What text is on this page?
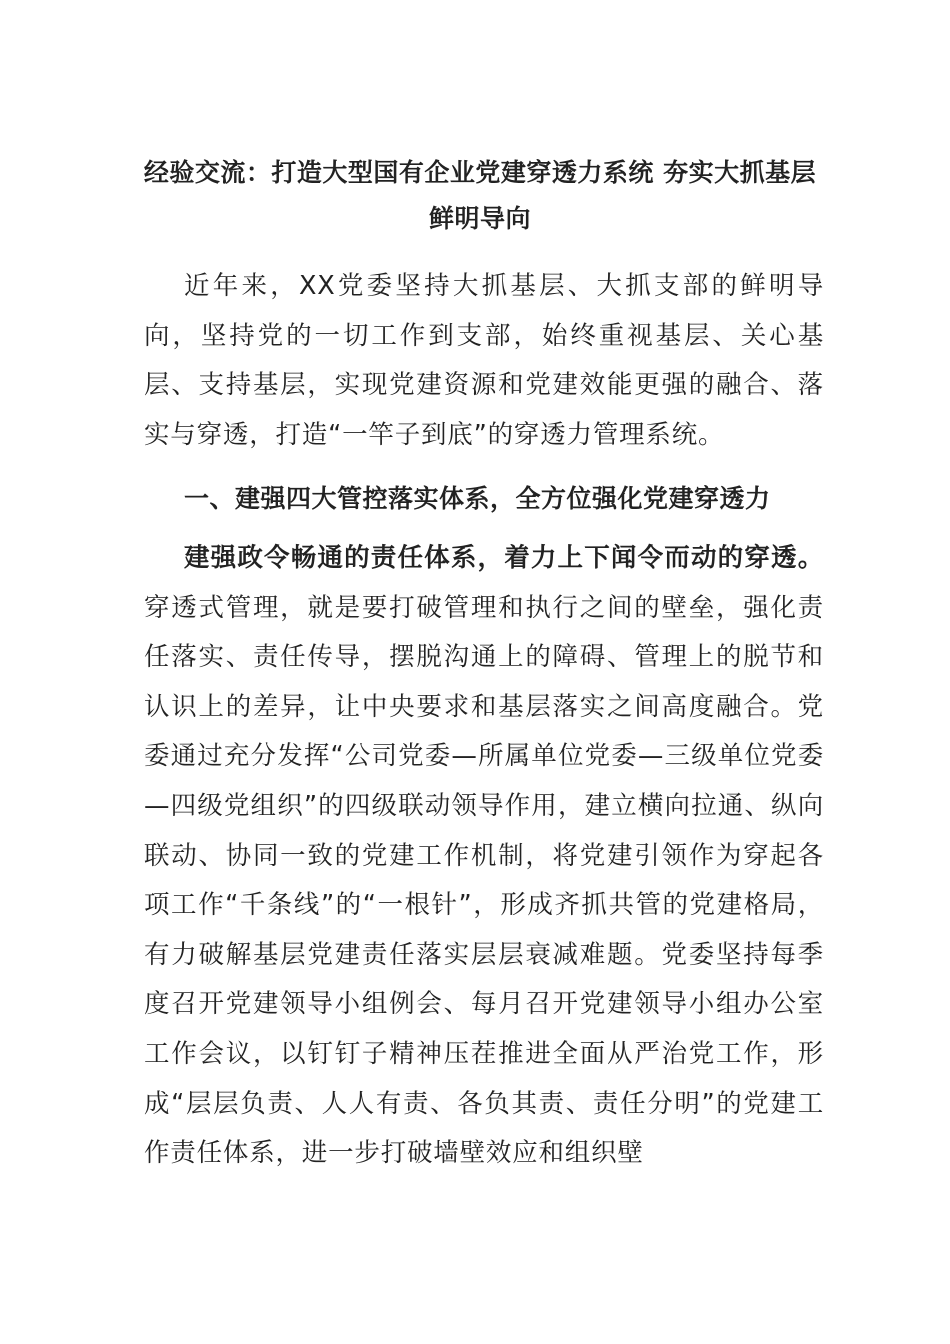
经验交流：打造大型国有企业党建穿透力系统 夯实大抓基层鲜明导向
近年来，XX党委坚持大抓基层、大抓支部的鲜明导向，坚持党的一切工作到支部，始终重视基层、关心基层、支持基层，实现党建资源和党建效能更强的融合、落实与穿透，打造“一竿子到底”的穿透力管理系统。
一、建强四大管控落实体系，全方位强化党建穿透力
建强政令畅通的责任体系，着力上下闻令而动的穿透。穿透式管理，就是要打破管理和执行之间的壁垒，强化责任落实、责任传导，摆脱沟通上的障碍、管理上的脱节和认识上的差异，让中央要求和基层落实之间高度融合。党委通过充分发挥“公司党委—所属单位党委—三级单位党委—四级党组织”的四级联动领导作用，建立横向拉通、纵向联动、协同一致的党建工作机制，将党建引领作为穿起各项工作“千条线”的“一根针”，形成齐抓共管的党建格局，有力破解基层党建责任落实层层衰减难题。党委坚持每季度召开党建领导小组例会、每月召开党建领导小组办公室工作会议，以钉钉子精神压茬推进全面从严治党工作，形成“层层负责、人人有责、各负其责、责任分明”的党建工作责任体系，进一步打破墙壁效应和组织壁
